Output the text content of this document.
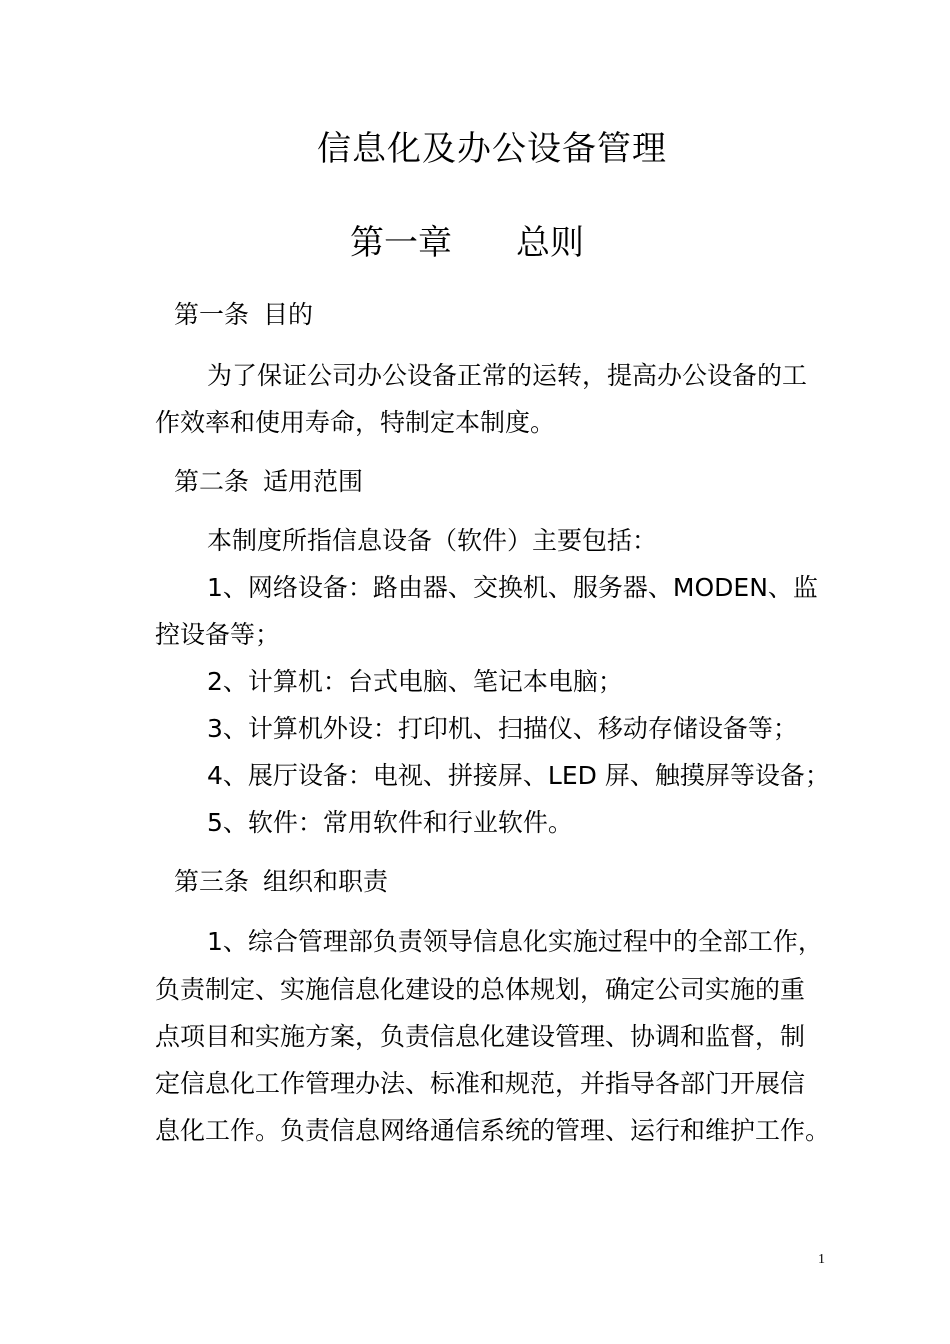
信息化及办公设备管理
第一章 总则
第一条 目的
为了保证公司办公设备正常的运转，提高办公设备的工
作效率和使用寿命，特制定本制度。
第二条 适用范围
本制度所指信息设备（软件）主要包括：
1、网络设备：路由器、交换机、服务器、MODEN、监
控设备等；
2、计算机：台式电脑、笔记本电脑；
3、计算机外设：打印机、扫描仪、移动存储设备等；
4、展厅设备：电视、拼接屏、LED 屏、触摸屏等设备；
5、软件：常用软件和行业软件。
第三条 组织和职责
1、综合管理部负责领导信息化实施过程中的全部工作，
负责制定、实施信息化建设的总体规划，确定公司实施的重
点项目和实施方案，负责信息化建设管理、协调和监督，制
定信息化工作管理办法、标准和规范，并指导各部门开展信
息化工作。负责信息网络通信系统的管理、运行和维护工作。
1
